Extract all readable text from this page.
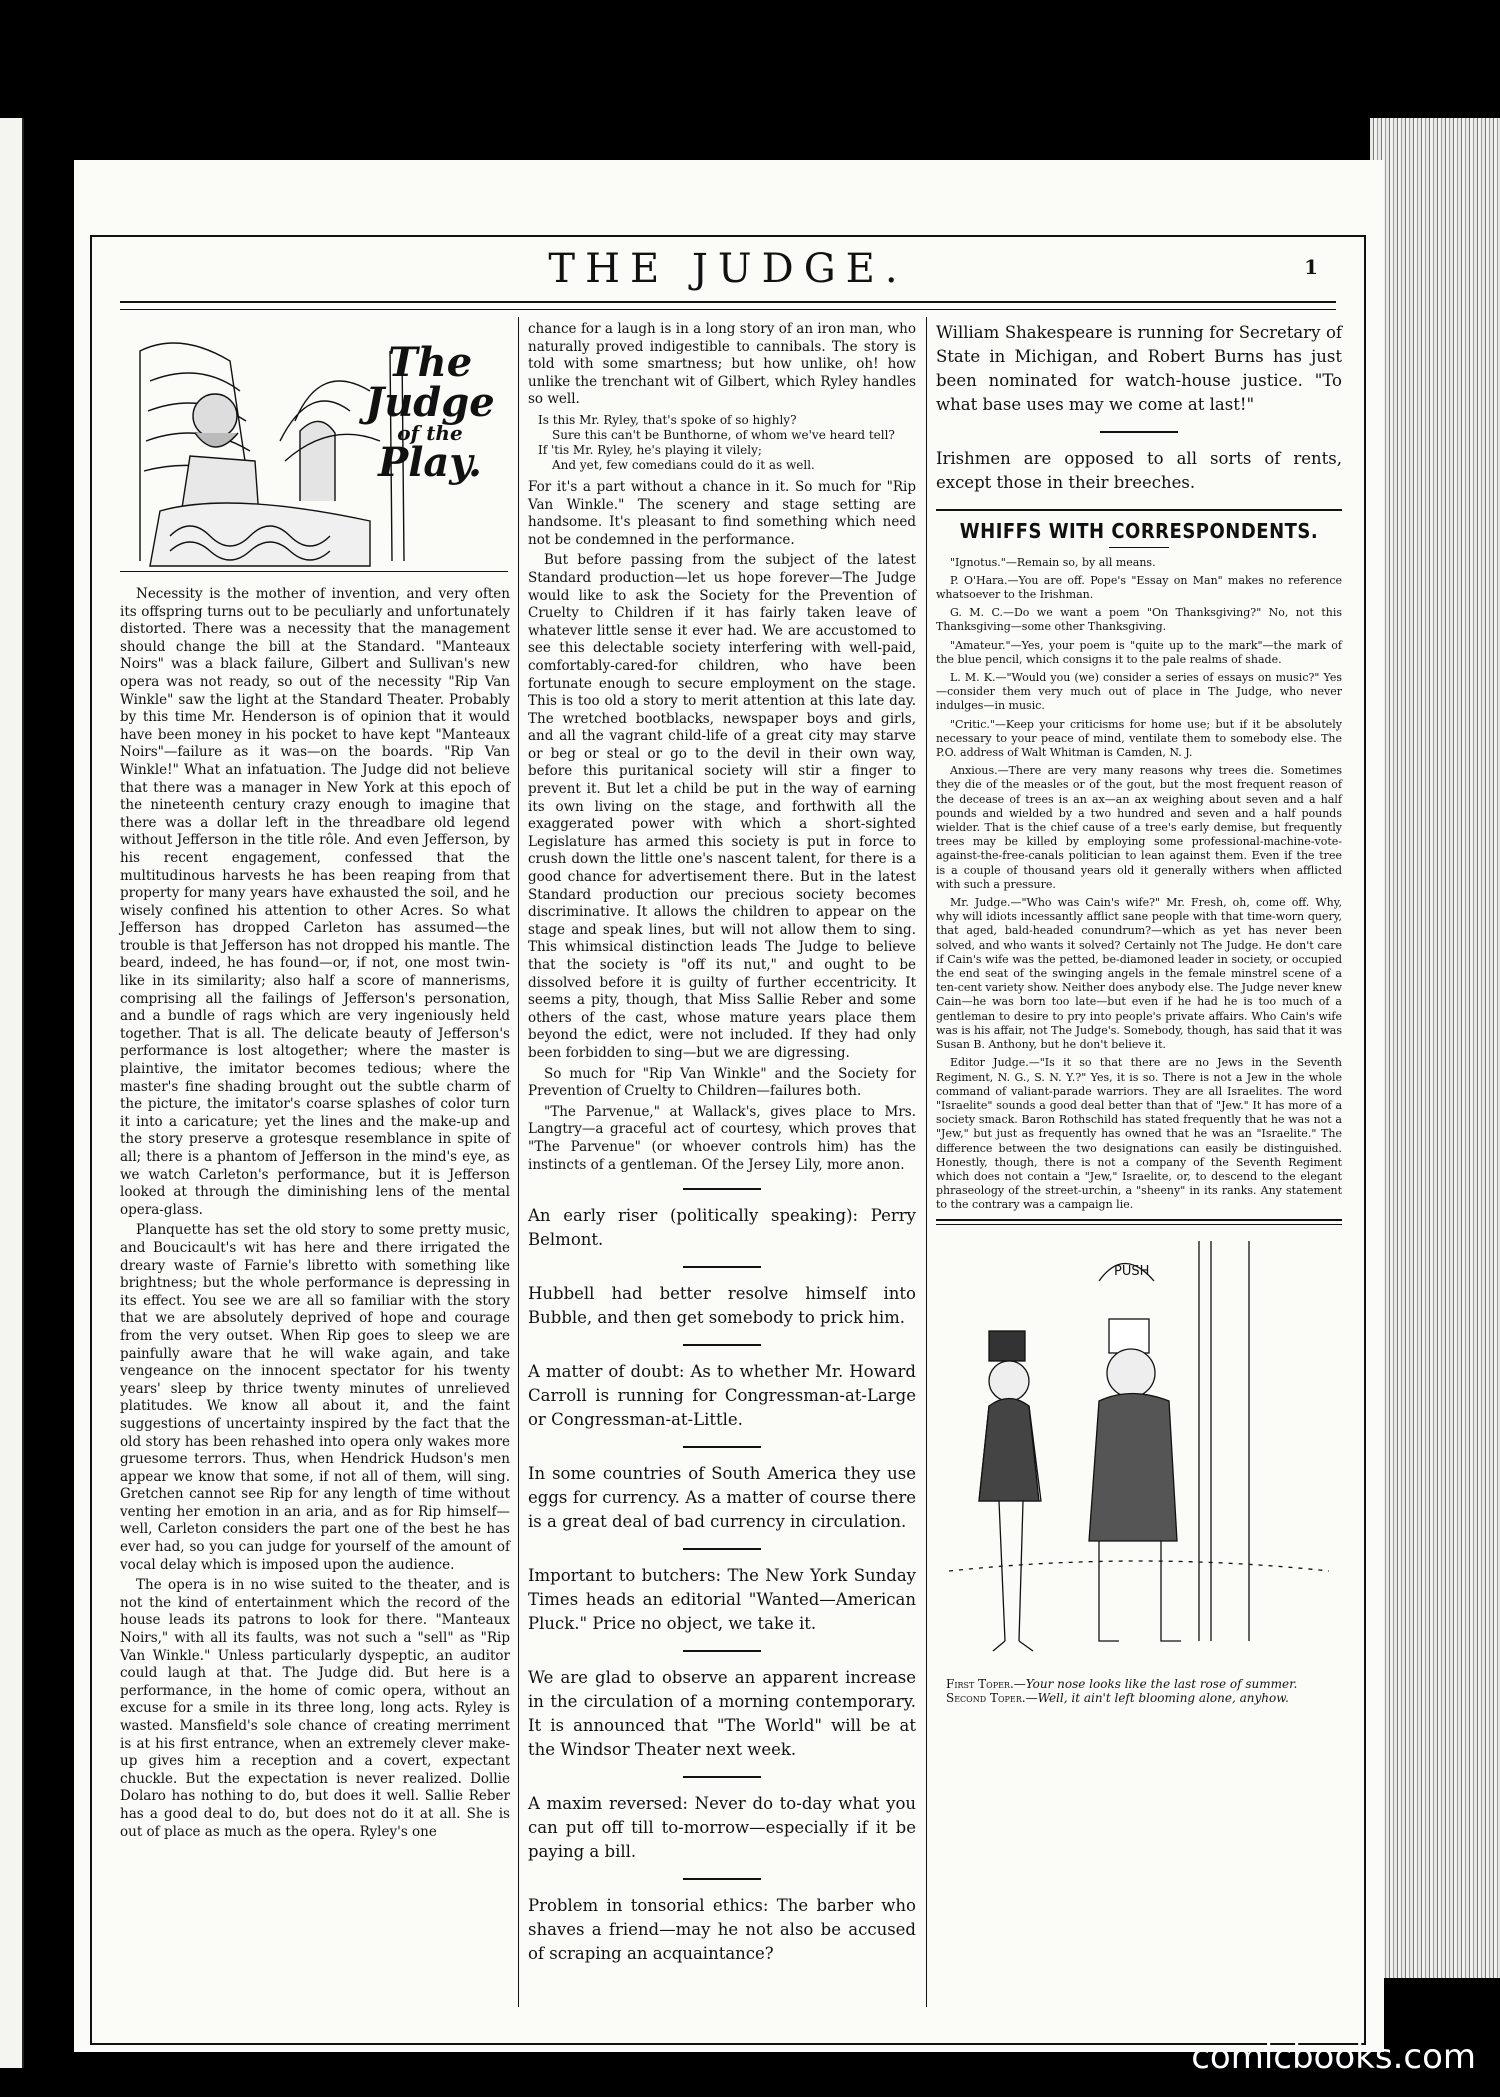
THE JUDGE.	1
The
Judge
of the
Play.

Necessity is the mother of invention, and very often its offspring turns out to be peculiarly and unfortunately distorted. There was a necessity that the management should change the bill at the Standard. "Manteaux Noirs" was a black failure, Gilbert and Sullivan's new opera was not ready, so out of the necessity "Rip Van Winkle" saw the light at the Standard Theater. Probably by this time Mr. Henderson is of opinion that it would have been money in his pocket to have kept "Manteaux Noirs"—failure as it was—on the boards. "Rip Van Winkle!" What an infatuation. The Judge did not believe that there was a manager in New York at this epoch of the nineteenth century crazy enough to imagine that there was a dollar left in the threadbare old legend without Jefferson in the title rôle. And even Jefferson, by his recent engagement, confessed that the multitudinous harvests he has been reaping from that property for many years have exhausted the soil, and he wisely confined his attention to other Acres. So what Jefferson has dropped Carleton has assumed—the trouble is that Jefferson has not dropped his mantle. The beard, indeed, he has found—or, if not, one most twin-like in its similarity; also half a score of mannerisms, comprising all the failings of Jefferson's personation, and a bundle of rags which are very ingeniously held together. That is all. The delicate beauty of Jefferson's performance is lost altogether; where the master is plaintive, the imitator becomes tedious; where the master's fine shading brought out the subtle charm of the picture, the imitator's coarse splashes of color turn it into a caricature; yet the lines and the make-up and the story preserve a grotesque resemblance in spite of all; there is a phantom of Jefferson in the mind's eye, as we watch Carleton's performance, but it is Jefferson looked at through the diminishing lens of the mental opera-glass.

Planquette has set the old story to some pretty music, and Boucicault's wit has here and there irrigated the dreary waste of Farnie's libretto with something like brightness; but the whole performance is depressing in its effect. You see we are all so familiar with the story that we are absolutely deprived of hope and courage from the very outset. When Rip goes to sleep we are painfully aware that he will wake again, and take vengeance on the innocent spectator for his twenty years' sleep by thrice twenty minutes of unrelieved platitudes. We know all about it, and the faint suggestions of uncertainty inspired by the fact that the old story has been rehashed into opera only wakes more gruesome terrors. Thus, when Hendrick Hudson's men appear we know that some, if not all of them, will sing. Gretchen cannot see Rip for any length of time without venting her emotion in an aria, and as for Rip himself—well, Carleton considers the part one of the best he has ever had, so you can judge for yourself of the amount of vocal delay which is imposed upon the audience.

The opera is in no wise suited to the theater, and is not the kind of entertainment which the record of the house leads its patrons to look for there. "Manteaux Noirs," with all its faults, was not such a "sell" as "Rip Van Winkle." Unless particularly dyspeptic, an auditor could laugh at that. The Judge did. But here is a performance, in the home of comic opera, without an excuse for a smile in its three long, long acts. Ryley is wasted. Mansfield's sole chance of creating merriment is at his first entrance, when an extremely clever make-up gives him a reception and a covert, expectant chuckle. But the expectation is never realized. Dollie Dolaro has nothing to do, but does it well. Sallie Reber has a good deal to do, but does not do it at all. She is out of place as much as the opera. Ryley's one

chance for a laugh is in a long story of an iron man, who naturally proved indigestible to cannibals. The story is told with some smartness; but how unlike, oh! how unlike the trenchant wit of Gilbert, which Ryley handles so well.

Is this Mr. Ryley, that's spoke of so highly?
Sure this can't be Bunthorne, of whom we've heard tell?
If 'tis Mr. Ryley, he's playing it vilely;
And yet, few comedians could do it as well.

For it's a part without a chance in it. So much for "Rip Van Winkle." The scenery and stage setting are handsome. It's pleasant to find something which need not be condemned in the performance.

But before passing from the subject of the latest Standard production—let us hope forever—The Judge would like to ask the Society for the Prevention of Cruelty to Children if it has fairly taken leave of whatever little sense it ever had. We are accustomed to see this delectable society interfering with well-paid, comfortably-cared-for children, who have been fortunate enough to secure employment on the stage. This is too old a story to merit attention at this late day. The wretched bootblacks, newspaper boys and girls, and all the vagrant child-life of a great city may starve or beg or steal or go to the devil in their own way, before this puritanical society will stir a finger to prevent it. But let a child be put in the way of earning its own living on the stage, and forthwith all the exaggerated power with which a short-sighted Legislature has armed this society is put in force to crush down the little one's nascent talent, for there is a good chance for advertisement there. But in the latest Standard production our precious society becomes discriminative. It allows the children to appear on the stage and speak lines, but will not allow them to sing. This whimsical distinction leads The Judge to believe that the society is "off its nut," and ought to be dissolved before it is guilty of further eccentricity. It seems a pity, though, that Miss Sallie Reber and some others of the cast, whose mature years place them beyond the edict, were not included. If they had only been forbidden to sing—but we are digressing.

So much for "Rip Van Winkle" and the Society for Prevention of Cruelty to Children—failures both.

"The Parvenue," at Wallack's, gives place to Mrs. Langtry—a graceful act of courtesy, which proves that "The Parvenue" (or whoever controls him) has the instincts of a gentleman. Of the Jersey Lily, more anon.

An early riser (politically speaking): Perry Belmont.

Hubbell had better resolve himself into Bubble, and then get somebody to prick him.

A matter of doubt: As to whether Mr. Howard Carroll is running for Congressman-at-Large or Congressman-at-Little.

In some countries of South America they use eggs for currency. As a matter of course there is a great deal of bad currency in circulation.

Important to butchers: The New York Sunday Times heads an editorial "Wanted—American Pluck." Price no object, we take it.

We are glad to observe an apparent increase in the circulation of a morning contemporary. It is announced that "The World" will be at the Windsor Theater next week.

A maxim reversed: Never do to-day what you can put off till to-morrow—especially if it be paying a bill.

Problem in tonsorial ethics: The barber who shaves a friend—may he not also be accused of scraping an acquaintance?

William Shakespeare is running for Secretary of State in Michigan, and Robert Burns has just been nominated for watch-house justice. "To what base uses may we come at last!"

Irishmen are opposed to all sorts of rents, except those in their breeches.

WHIFFS WITH CORRESPONDENTS.

"Ignotus."—Remain so, by all means.

P. O'Hara.—You are off. Pope's "Essay on Man" makes no reference whatsoever to the Irishman.

G. M. C.—Do we want a poem "On Thanksgiving?" No, not this Thanksgiving—some other Thanksgiving.

"Amateur."—Yes, your poem is "quite up to the mark"—the mark of the blue pencil, which consigns it to the pale realms of shade.

L. M. K.—"Would you (we) consider a series of essays on music?" Yes—consider them very much out of place in The Judge, who never indulges—in music.

"Critic."—Keep your criticisms for home use; but if it be absolutely necessary to your peace of mind, ventilate them to somebody else. The P.O. address of Walt Whitman is Camden, N. J.

Anxious.—There are very many reasons why trees die. Sometimes they die of the measles or of the gout, but the most frequent reason of the decease of trees is an ax—an ax weighing about seven and a half pounds and wielded by a two hundred and seven and a half pounds wielder. That is the chief cause of a tree's early demise, but frequently trees may be killed by employing some professional-machine-vote-against-the-free-canals politician to lean against them. Even if the tree is a couple of thousand years old it generally withers when afflicted with such a pressure.

Mr. Judge.—"Who was Cain's wife?" Mr. Fresh, oh, come off. Why, why will idiots incessantly afflict sane people with that time-worn query, that aged, bald-headed conundrum?—which as yet has never been solved, and who wants it solved? Certainly not The Judge. He don't care if Cain's wife was the petted, be-diamoned leader in society, or occupied the end seat of the swinging angels in the female minstrel scene of a ten-cent variety show. Neither does anybody else. The Judge never knew Cain—he was born too late—but even if he had he is too much of a gentleman to desire to pry into people's private affairs. Who Cain's wife was is his affair, not The Judge's. Somebody, though, has said that it was Susan B. Anthony, but he don't believe it.

Editor Judge.—"Is it so that there are no Jews in the Seventh Regiment, N. G., S. N. Y.?" Yes, it is so. There is not a Jew in the whole command of valiant-parade warriors. They are all Israelites. The word "Israelite" sounds a good deal better than that of "Jew." It has more of a society smack. Baron Rothschild has stated frequently that he was not a "Jew," but just as frequently has owned that he was an "Israelite." The difference between the two designations can easily be distinguished. Honestly, though, there is not a company of the Seventh Regiment which does not contain a "Jew," Israelite, or, to descend to the elegant phraseology of the street-urchin, a "sheeny" in its ranks. Any statement to the contrary was a campaign lie.

PUSH
First Toper.—Your nose looks like the last rose of summer.
Second Toper.—Well, it ain't left blooming alone, anyhow.
comicbooks.com
